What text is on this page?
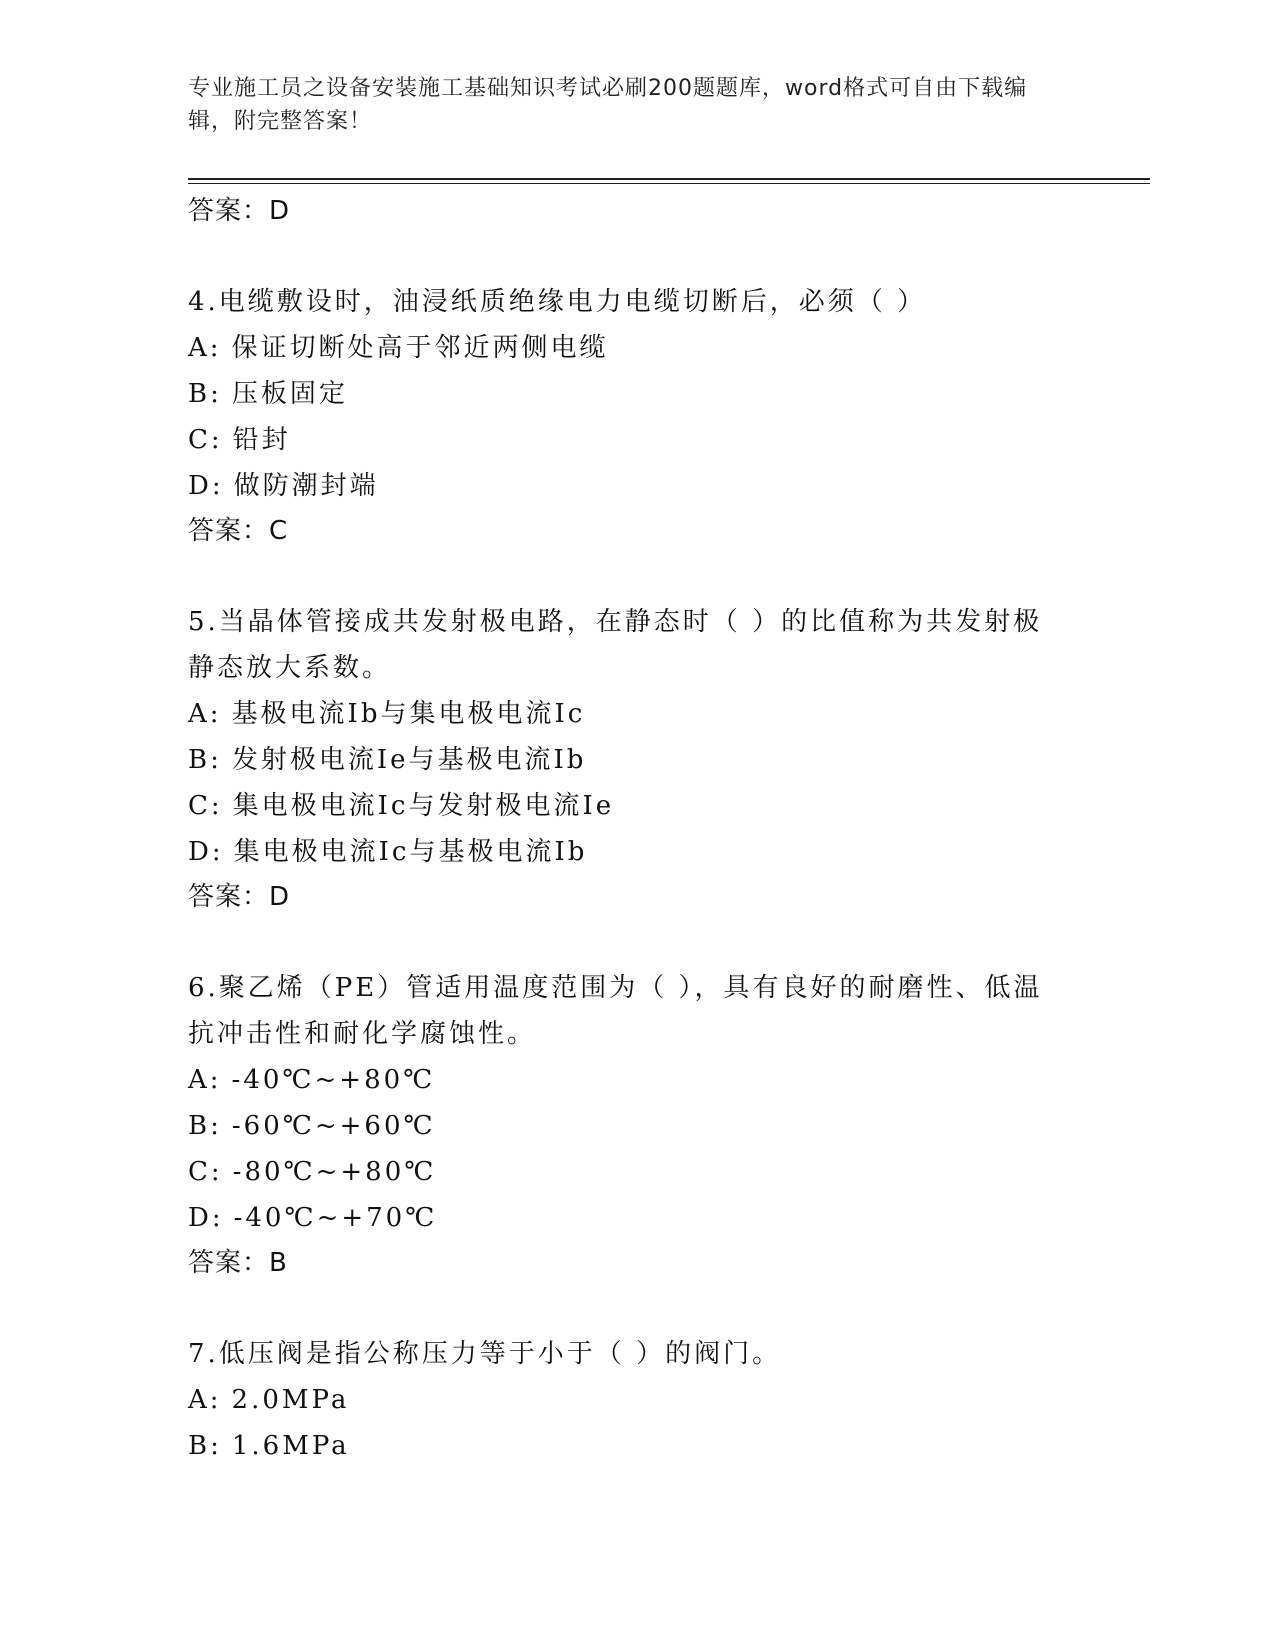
专业施工员之设备安装施工基础知识考试必刷200题题库，word格式可自由下载编辑，附完整答案！
答案：D
4.电缆敷设时，油浸纸质绝缘电力电缆切断后，必须（ ）
A: 保证切断处高于邻近两侧电缆
B: 压板固定
C: 铅封
D: 做防潮封端
答案：C
5.当晶体管接成共发射极电路，在静态时（ ）的比值称为共发射极静态放大系数。
A: 基极电流Ib与集电极电流Ic
B: 发射极电流Ie与基极电流Ib
C: 集电极电流Ic与发射极电流Ie
D: 集电极电流Ic与基极电流Ib
答案：D
6.聚乙烯（PE）管适用温度范围为（ ），具有良好的耐磨性、低温抗冲击性和耐化学腐蚀性。
A: -40℃~+80℃
B: -60℃~+60℃
C: -80℃~+80℃
D: -40℃~+70℃
答案：B
7.低压阀是指公称压力等于小于（ ）的阀门。
A: 2.0MPa
B: 1.6MPa
